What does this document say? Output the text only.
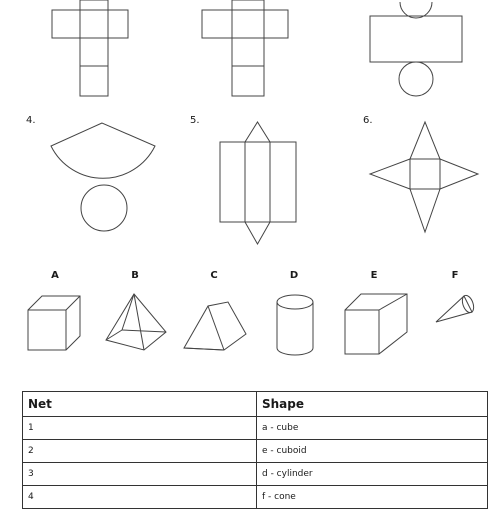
4.	5.	6.
A	B	C	D	E	F
Net	Shape
1	a - cube
2	e - cuboid
3	d - cylinder
4	f - cone
